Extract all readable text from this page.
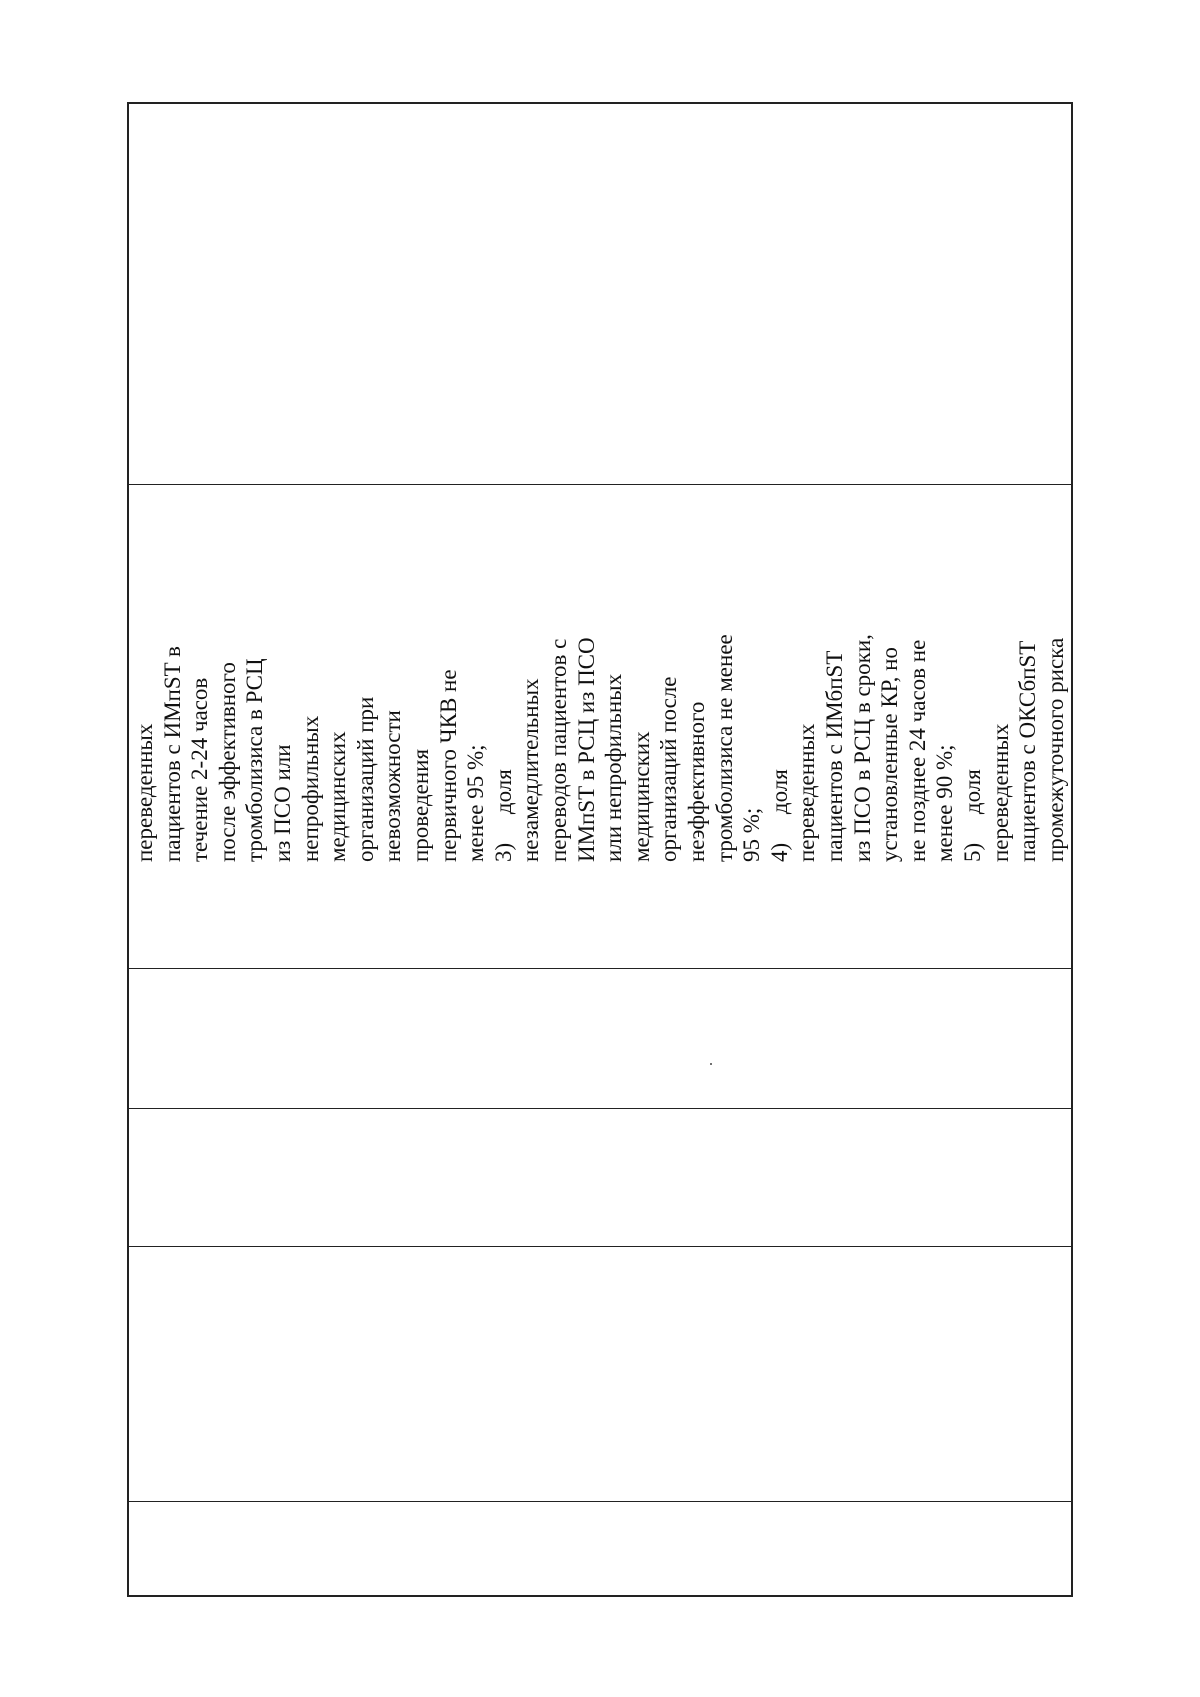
переведенных пациентов с ИМпST в течение 2-24 часов после эффективного тромболизиса в РСЦ из ПСО или непрофильных медицинских организаций при невозможности проведения первичного ЧКВ не менее 95 %; 3)     доля незамедлительных переводов пациентов с ИМпST в РСЦ из ПСО или непрофильных медицинских организаций после неэффективного тромболизиса не менее 95 %; 4)     доля переведенных пациентов с ИМбпST из ПСО в РСЦ в сроки, установленные КР, но не позднее 24 часов не менее 90 %; 5)     доля переведенных пациентов с ОКСбпST промежуточного риска
